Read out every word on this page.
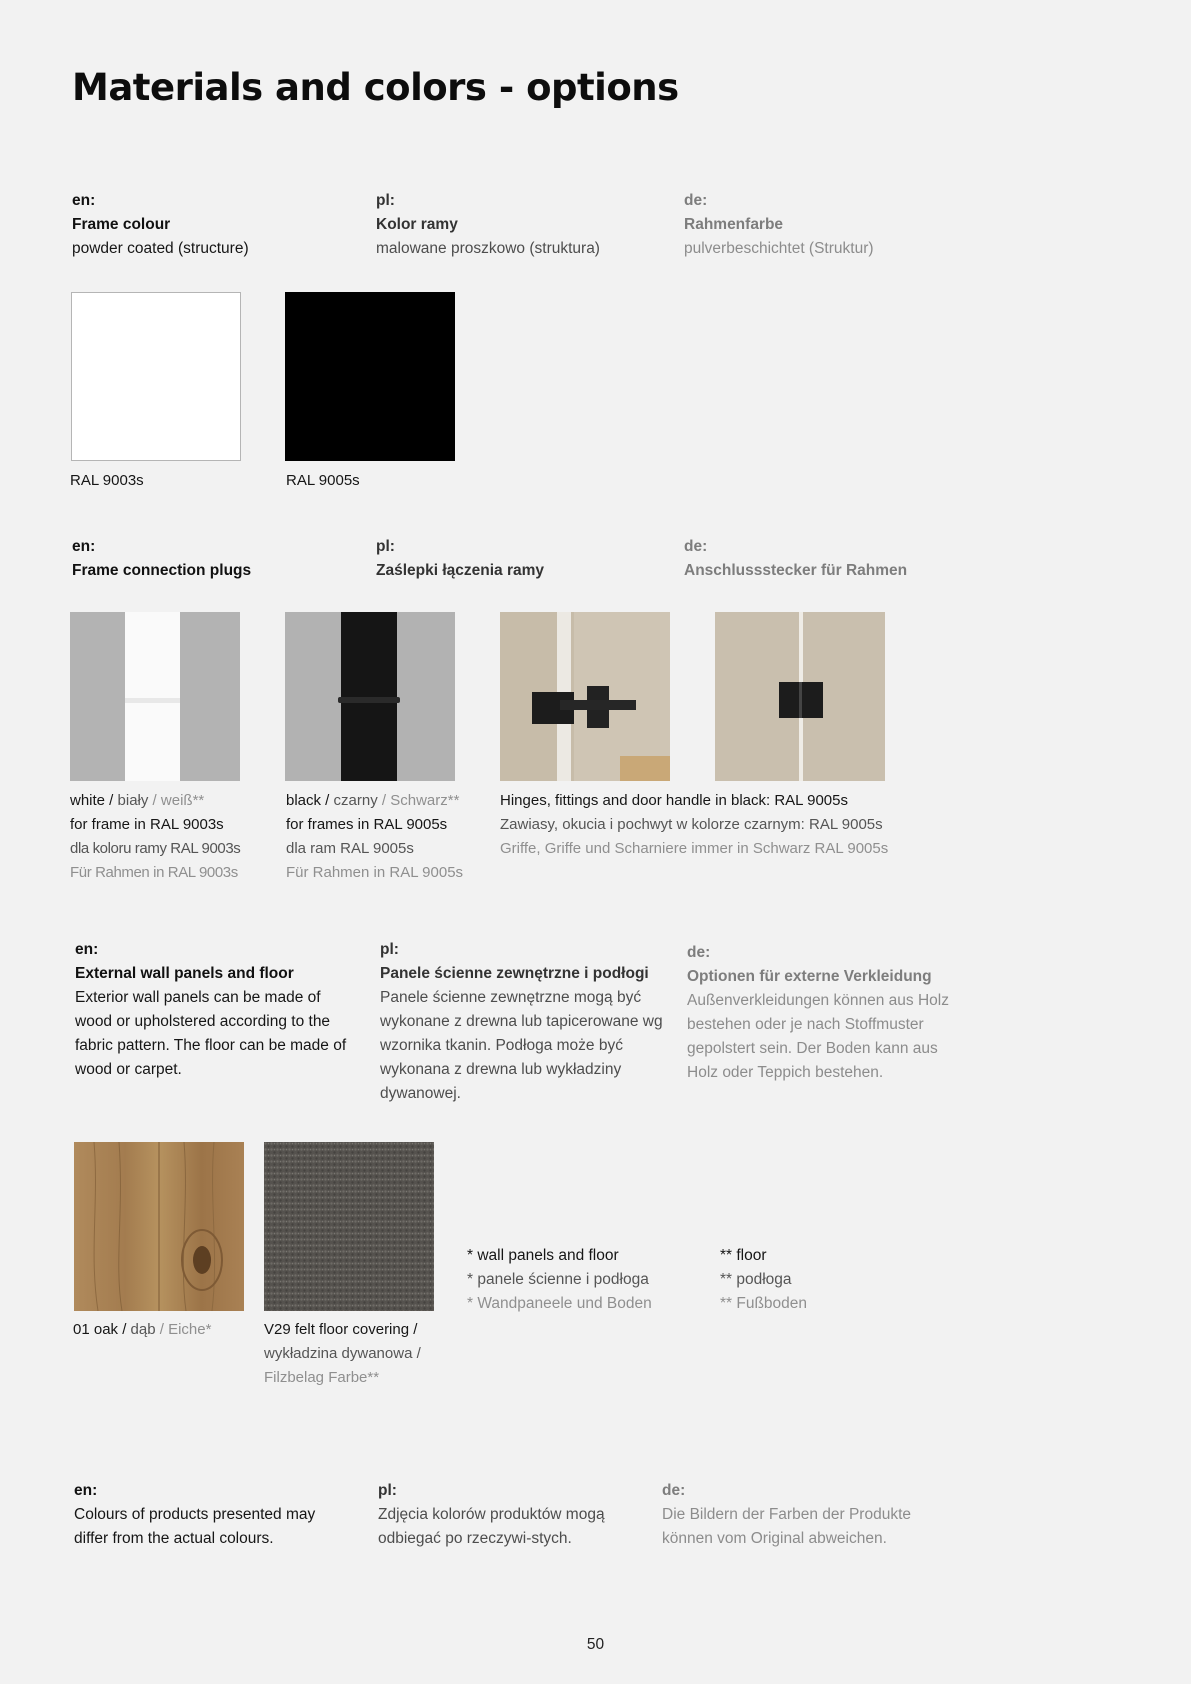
Materials and colors - options
en:
Frame colour
powder coated (structure)
pl:
Kolor ramy
malowane proszkowo (struktura)
de:
Rahmenfarbe
pulverbeschichtet (Struktur)
RAL 9003s	RAL 9005s
en:
Frame connection plugs
pl:
Zaślepki łączenia ramy
de:
Anschlussstecker für Rahmen
white / biały / weiß**
for frame in RAL 9003s
dla koloru ramy RAL 9003s
Für Rahmen in RAL 9003s
black / czarny / Schwarz**
for frames in RAL 9005s
dla ram RAL 9005s
Für Rahmen in RAL 9005s
Hinges, fittings and door handle in black: RAL 9005s
Zawiasy, okucia i pochwyt w kolorze czarnym: RAL 9005s
Griffe, Griffe und Scharniere immer in Schwarz RAL 9005s
en:
External wall panels and floor
Exterior wall panels can be made of wood or upholstered according to the fabric pattern. The floor can be made of wood or carpet.
pl:
Panele ścienne zewnętrzne i podłogi
Panele ścienne zewnętrzne mogą być wykonane z drewna lub tapicerowane wg wzornika tkanin. Podłoga może być wykonana z drewna lub wykładziny dywanowej.
de:
Optionen für externe Verkleidung
Außenverkleidungen können aus Holz bestehen oder je nach Stoffmuster gepolstert sein. Der Boden kann aus Holz oder Teppich bestehen.
01 oak / dąb / Eiche*	V29 felt floor covering /
wykładzina dywanowa /
Filzbelag Farbe**
* wall panels and floor
* panele ścienne i podłoga
* Wandpaneele und Boden
** floor
** podłoga
** Fußboden
en:
Colours of products presented may differ from the actual colours.
pl:
Zdjęcia kolorów produktów mogą odbiegać po rzeczywi-stych.
de:
Die Bildern der Farben der Produkte können vom Original abweichen.
50
